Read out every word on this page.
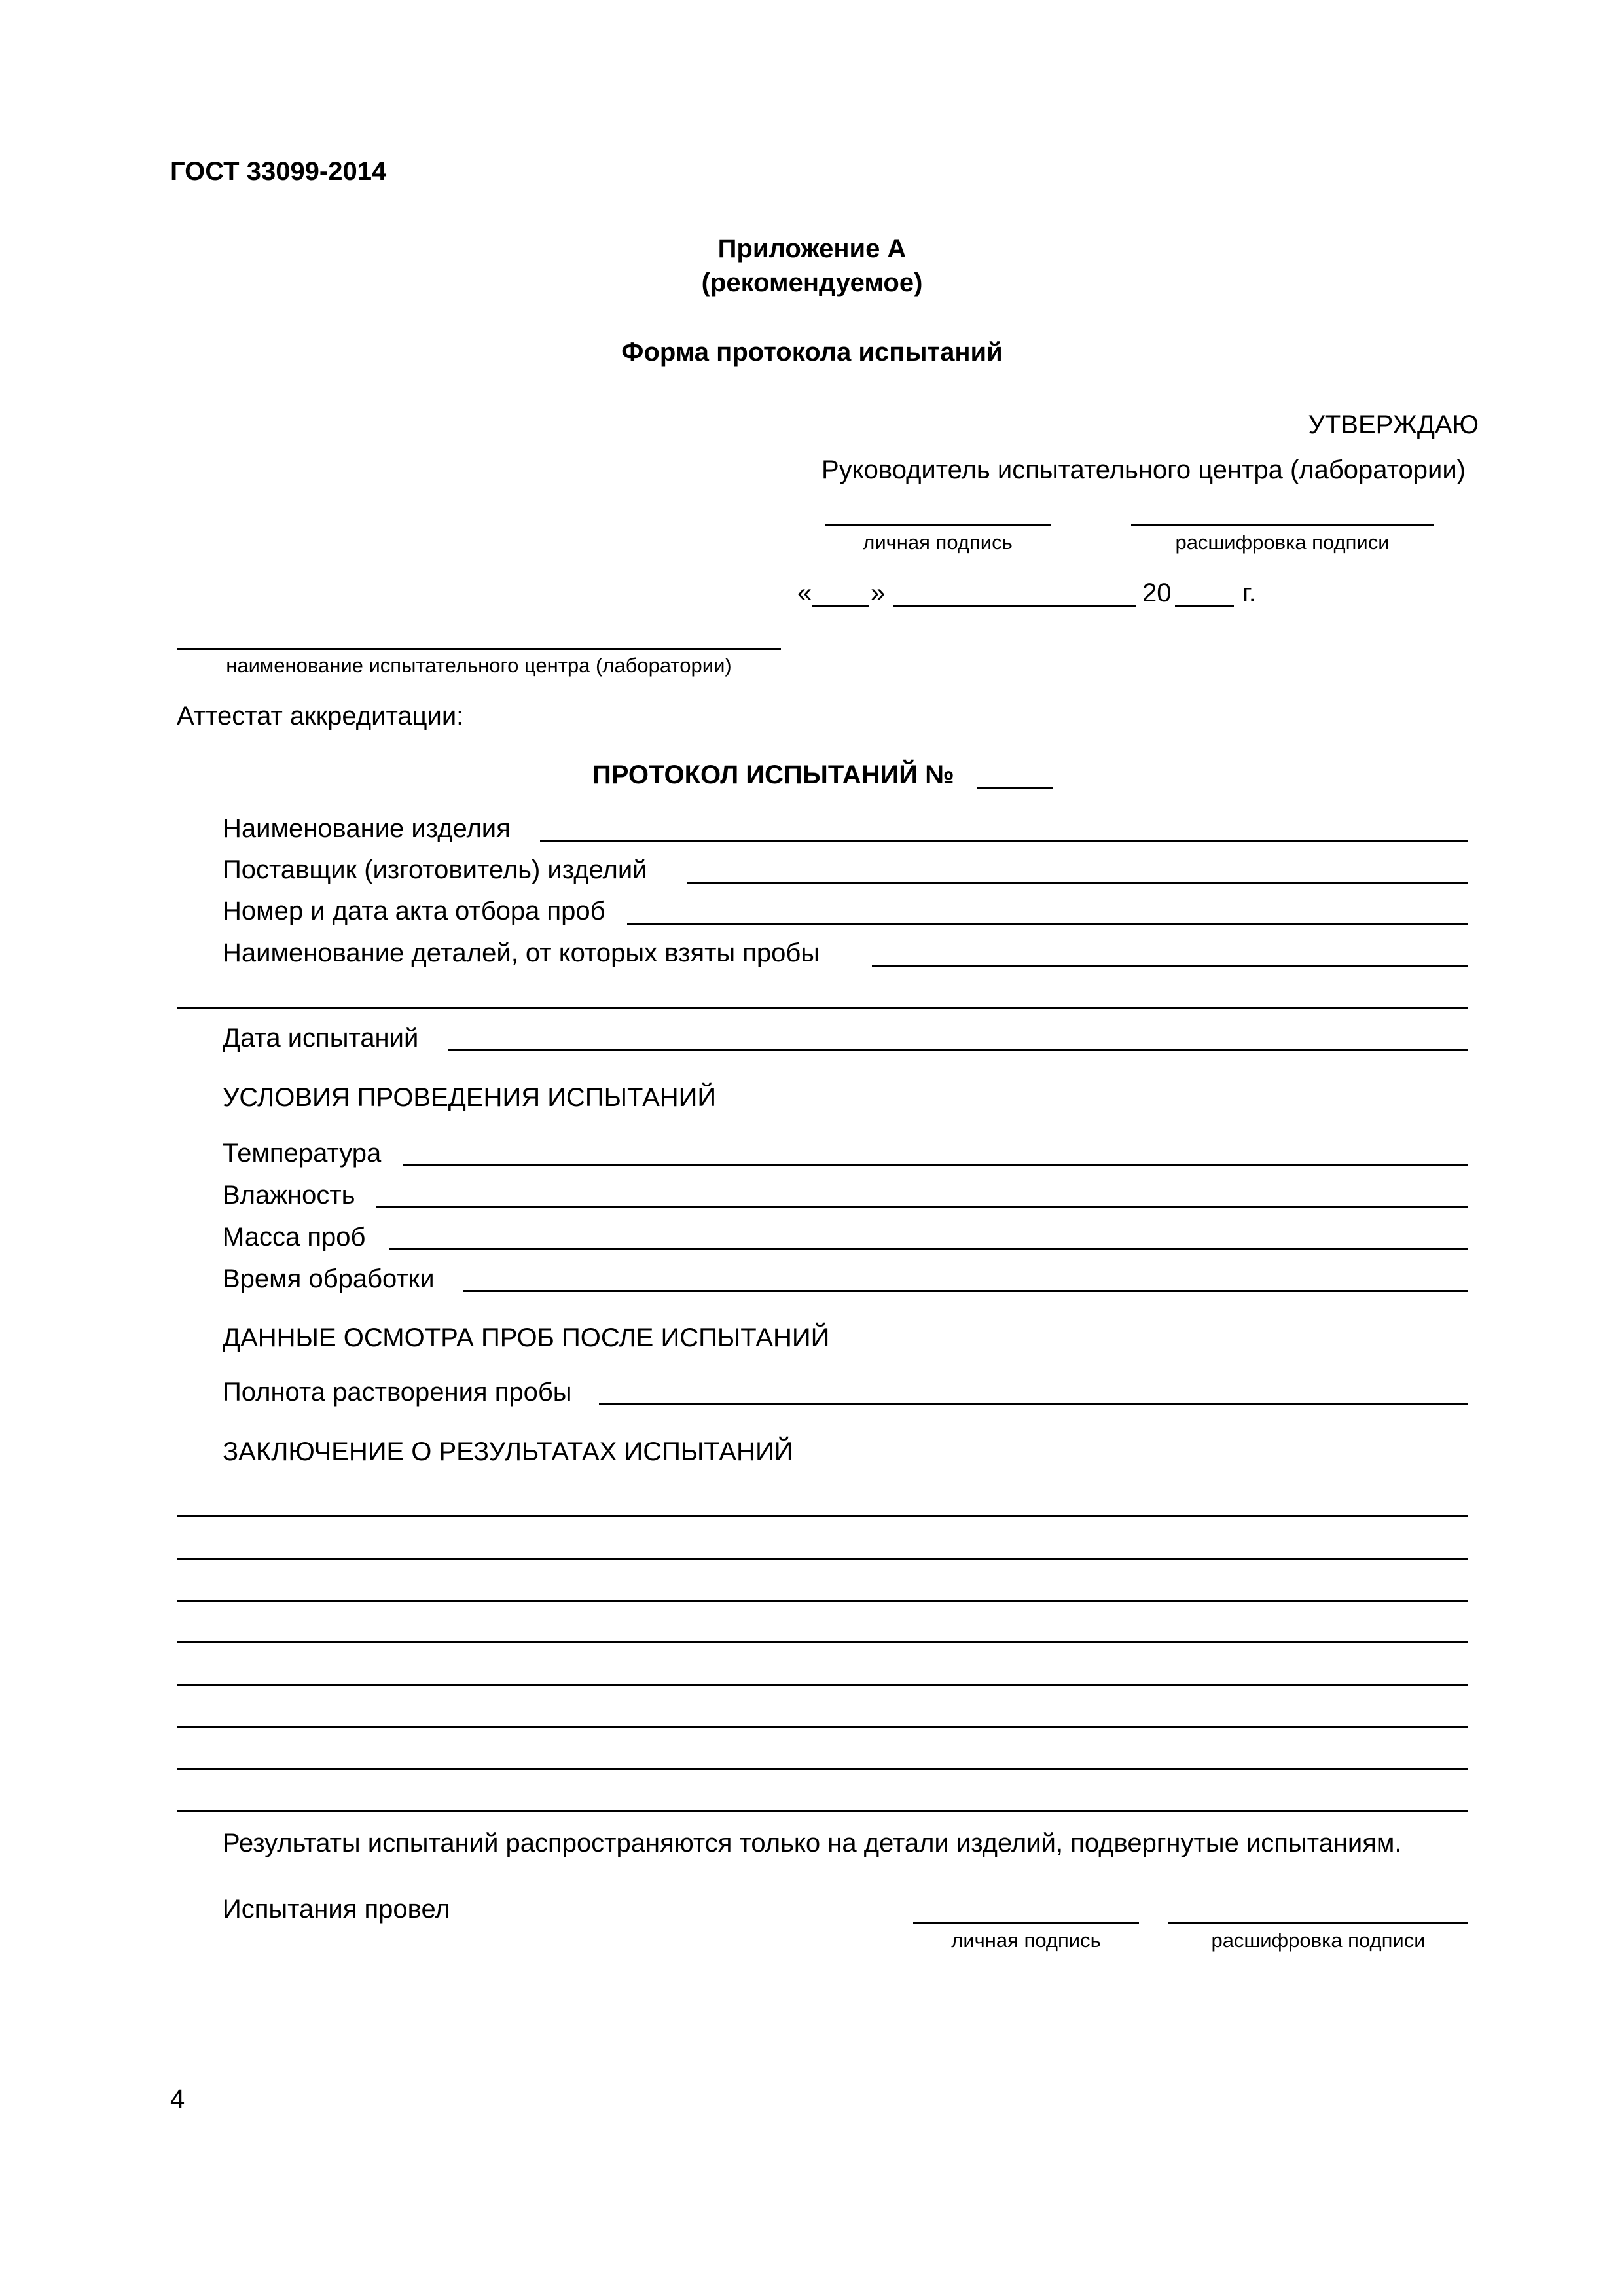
ГОСТ 33099-2014
Приложение А
(рекомендуемое)
Форма протокола испытаний
УТВЕРЖДАЮ
Руководитель испытательного центра (лаборатории)
личная подпись	расшифровка подписи
« »	20	г.
наименование испытательного центра (лаборатории)
Аттестат аккредитации:
ПРОТОКОЛ ИСПЫТАНИЙ №
Наименование изделия
Поставщик (изготовитель) изделий
Номер и дата акта отбора проб
Наименование деталей, от которых взяты пробы
Дата испытаний
УСЛОВИЯ ПРОВЕДЕНИЯ ИСПЫТАНИЙ
Температура
Влажность
Масса проб
Время обработки
ДАННЫЕ ОСМОТРА ПРОБ ПОСЛЕ ИСПЫТАНИЙ
Полнота растворения пробы
ЗАКЛЮЧЕНИЕ О РЕЗУЛЬТАТАХ ИСПЫТАНИЙ
Результаты испытаний распространяются только на детали изделий, подвергнутые испытаниям.
Испытания провел
личная подпись	расшифровка подписи
4
